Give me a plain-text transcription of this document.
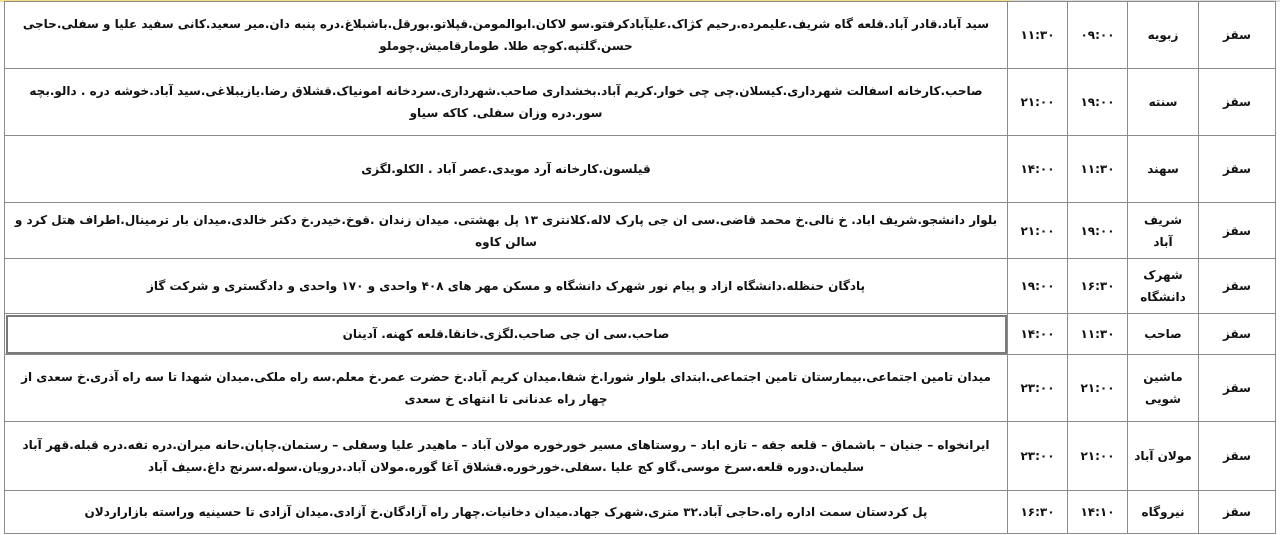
سقز	زبویه	۰۹:۰۰	۱۱:۳۰	سید آباد.قادر آباد.قلعه گاه شریف.علیمرده.رحیم کژاک.علیآبادکرفتو.سو لاکان.ابوالمومن.قپلاتو.بورقل.باشبلاغ.دره پنبه دان.میر سعید.کانی سفید علیا و سفلی.حاجی حسن.گلتپه.کوچه طلا. طومارقامیش.چوملو
سقز	سنته	۱۹:۰۰	۲۱:۰۰	صاحب.کارخانه اسفالت شهرداری.کیسلان.چی چی خوار.کریم آباد.بخشداری صاحب.شهرداری.سردخانه امونیاک.قشلاق رضا.یازیبلاغی.سید آباد.خوشه دره . دالو.بچه سور.دره وزان سفلی. کاکه سیاو
سقز	سهند	۱۱:۳۰	۱۴:۰۰	قیلسون.کارخانه آرد مویدی.عصر آباد . الکلو.لگزی
سقز	شریف آباد	۱۹:۰۰	۲۱:۰۰	بلوار دانشجو.شریف اباد. خ نالی.خ محمد قاضی.سی ان جی پارک لاله.کلانتری ۱۳ پل بهشتی. میدان زندان .قوخ.خیدر.خ دکتر خالدی.میدان بار ترمینال.اطراف هتل کرد و سالن کاوه
سقز	شهرک دانشگاه	۱۶:۳۰	۱۹:۰۰	پادگان حنظله.دانشگاه ازاد و پیام نور شهرک دانشگاه و مسکن مهر های ۴۰۸ واحدی و ۱۷۰ واحدی و دادگستری و شرکت گاز
سقز	صاحب	۱۱:۳۰	۱۴:۰۰	صاحب.سی ان جی صاحب.لگزی.خانقا.قلعه کهنه. آدینان
سقز	ماشین شویی	۲۱:۰۰	۲۳:۰۰	میدان تامین اجتماعی.بیمارستان تامین اجتماعی.ابتدای بلوار شورا.خ شفا.میدان کریم آباد.خ حضرت عمر.خ معلم.سه راه ملکی.میدان شهدا تا سه راه آذری.خ سعدی از چهار راه عدنانی تا انتهای خ سعدی
سقز	مولان آباد	۲۱:۰۰	۲۳:۰۰	ایرانخواه – جنیان – باشماق – قلعه جقه – تازه اباد – روستاهای مسیر خورخوره مولان آباد – ماهیدر علیا وسفلی – رستمان.چاپان.حانه میران.دره تفه.دره قبله.قهر آباد سلیمان.دوره قلعه.سرخ موسی.گاو کج علیا .سفلی.خورخوره.قشلاق آغا گوره.مولان آباد.درویان.سوله.سرنج داغ.سیف آباد
سقز	نیروگاه	۱۴:۱۰	۱۶:۳۰	پل کردستان سمت اداره راه.حاجی آباد.۳۲ متری.شهرک جهاد.میدان دخانیات.چهار راه آزادگان.خ آزادی.میدان آزادی تا حسینیه وراسته بازاراردلان
